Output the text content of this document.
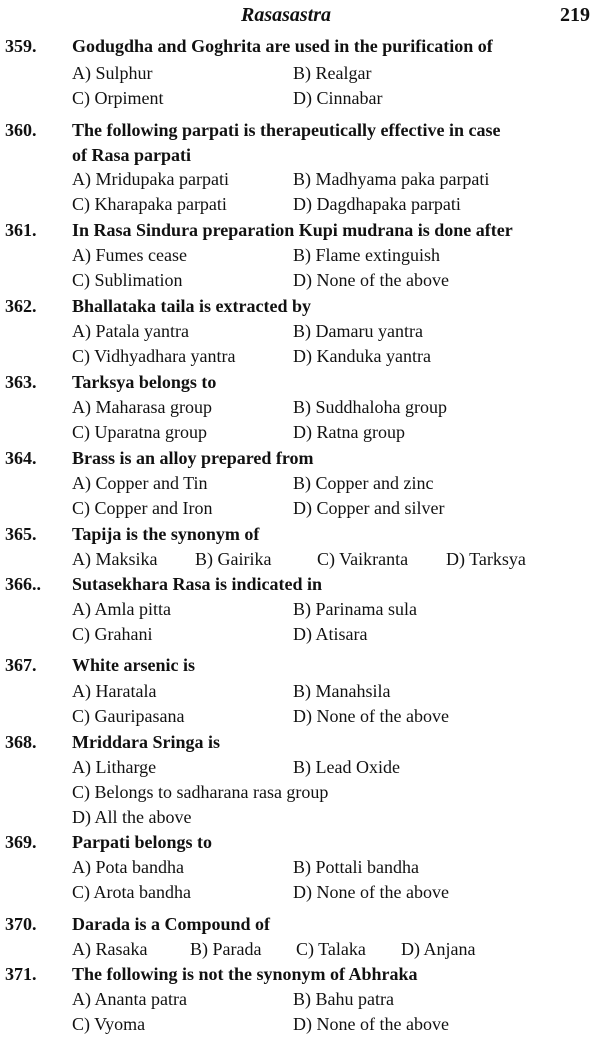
Rasasastra	219
359. Godugdha and Goghrita are used in the purification of
A) Sulphur	B) Realgar
C) Orpiment	D) Cinnabar
360. The following parpati is therapeutically effective in case
of Rasa parpati
A) Mridupaka parpati	B) Madhyama paka parpati
C) Kharapaka parpati	D) Dagdhapaka parpati
361. In Rasa Sindura preparation Kupi mudrana is done after
A) Fumes cease	B) Flame extinguish
C) Sublimation	D) None of the above
362. Bhallataka taila is extracted by
A) Patala yantra	B) Damaru yantra
C) Vidhyadhara yantra	D) Kanduka yantra
363. Tarksya belongs to
A) Maharasa group	B) Suddhaloha group
C) Uparatna group	D) Ratna group
364. Brass is an alloy prepared from
A) Copper and Tin	B) Copper and zinc
C) Copper and Iron	D) Copper and silver
365. Tapija is the synonym of
A) Maksika B) Gairika	C) Vaikranta D) Tarksya
366.. Sutasekhara Rasa is indicated in
A) Amla pitta	B) Parinama sula
C) Grahani	D) Atisara
367. White arsenic is
A) Haratala	B) Manahsila
C) Gauripasana	D) None of the above
368. Mriddara Sringa is
A) Litharge	B) Lead Oxide
C) Belongs to sadharana rasa group
D) All the above
369. Parpati belongs to
A) Pota bandha	B) Pottali bandha
C) Arota bandha	D) None of the above
370. Darada is a Compound of
A) Rasaka B) Parada C) Talaka D) Anjana
371. The following is not the synonym of Abhraka
A) Ananta patra	B) Bahu patra
C) Vyoma	D) None of the above
